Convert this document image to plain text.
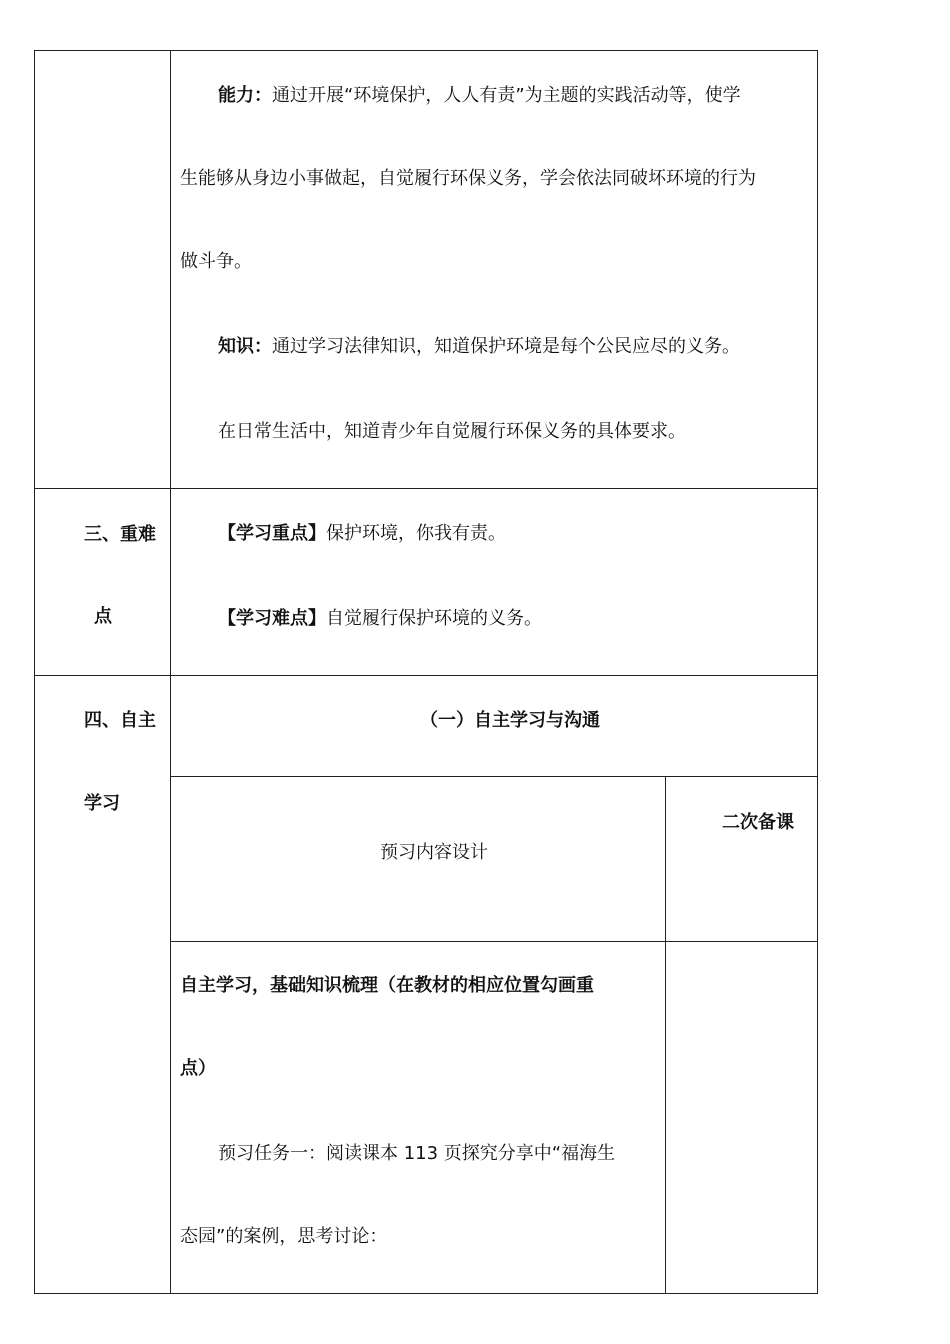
能力：通过开展“环境保护，人人有责”为主题的实践活动等，使学
生能够从身边小事做起，自觉履行环保义务，学会依法同破坏环境的行为
做斗争。
知识：通过学习法律知识，知道保护环境是每个公民应尽的义务。
在日常生活中，知道青少年自觉履行环保义务的具体要求。
三、重难
点
【学习重点】保护环境，你我有责。
【学习难点】自觉履行保护环境的义务。
四、自主
学习
（一）自主学习与沟通
预习内容设计
二次备课
自主学习，基础知识梳理（在教材的相应位置勾画重
点）
预习任务一：阅读课本 113 页探究分享中“福海生
态园”的案例，思考讨论：
